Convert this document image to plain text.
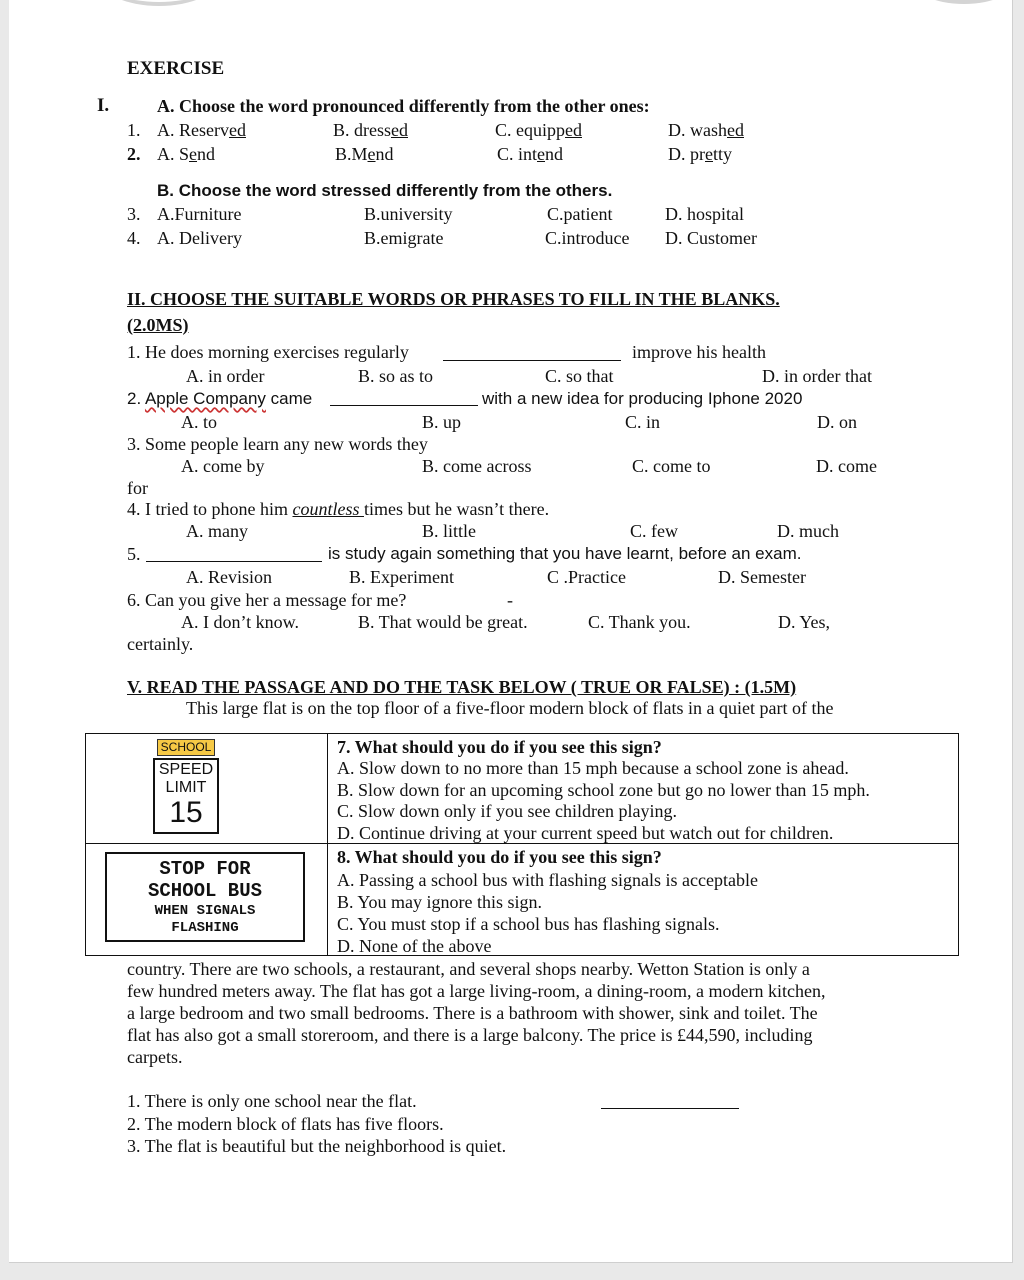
EXERCISE
I.	A. Choose the word pronounced differently from the other ones:
1. A. Reserved	B. dressed	C. equipped	D. washed
2. A. Send	B.Mend	C. intend	D. pretty
B. Choose the word stressed differently from the others.
3. A.Furniture	B.university	C.patient	D. hospital
4. A. Delivery	B.emigrate	C.introduce D. Customer
II. CHOOSE THE SUITABLE WORDS OR PHRASES TO FILL IN THE BLANKS.
(2.0MS)
1. He does morning exercises regularly	improve his health
A. in order	B. so as to	C. so that	D. in order that
2. Apple Company came	with a new idea for producing Iphone 2020
A. to	B. up	C. in	D. on
3. Some people learn any new words they
A. come by	B. come across	C. come to	D. come
for
4. I tried to phone him countless times but he wasn’t there.
A. many	B. little	C. few	D. much
5.	is study again something that you have learnt, before an exam.
A. Revision	B. Experiment	C .Practice	D. Semester
6. Can you give her a message for me?	-
A. I don’t know.	B. That would be great.	C. Thank you.	D. Yes,
certainly.
V. READ THE PASSAGE AND DO THE TASK BELOW ( TRUE OR FALSE) : (1.5M)
This large flat is on the top floor of a five-floor modern block of flats in a quiet part of the
SCHOOL
SPEED
LIMIT
15
7. What should you do if you see this sign?
A. Slow down to no more than 15 mph because a school zone is ahead.
B. Slow down for an upcoming school zone but go no lower than 15 mph.
C. Slow down only if you see children playing.
D. Continue driving at your current speed but watch out for children.
STOP FOR
SCHOOL BUS
WHEN SIGNALS
FLASHING
8. What should you do if you see this sign?
A. Passing a school bus with flashing signals is acceptable
B. You may ignore this sign.
C. You must stop if a school bus has flashing signals.
D. None of the above
country. There are two schools, a restaurant, and several shops nearby. Wetton Station is only a
few hundred meters away. The flat has got a large living-room, a dining-room, a modern kitchen,
a large bedroom and two small bedrooms. There is a bathroom with shower, sink and toilet. The
flat has also got a small storeroom, and there is a large balcony. The price is £44,590, including
carpets.
1. There is only one school near the flat.
2. The modern block of flats has five floors.
3. The flat is beautiful but the neighborhood is quiet.
